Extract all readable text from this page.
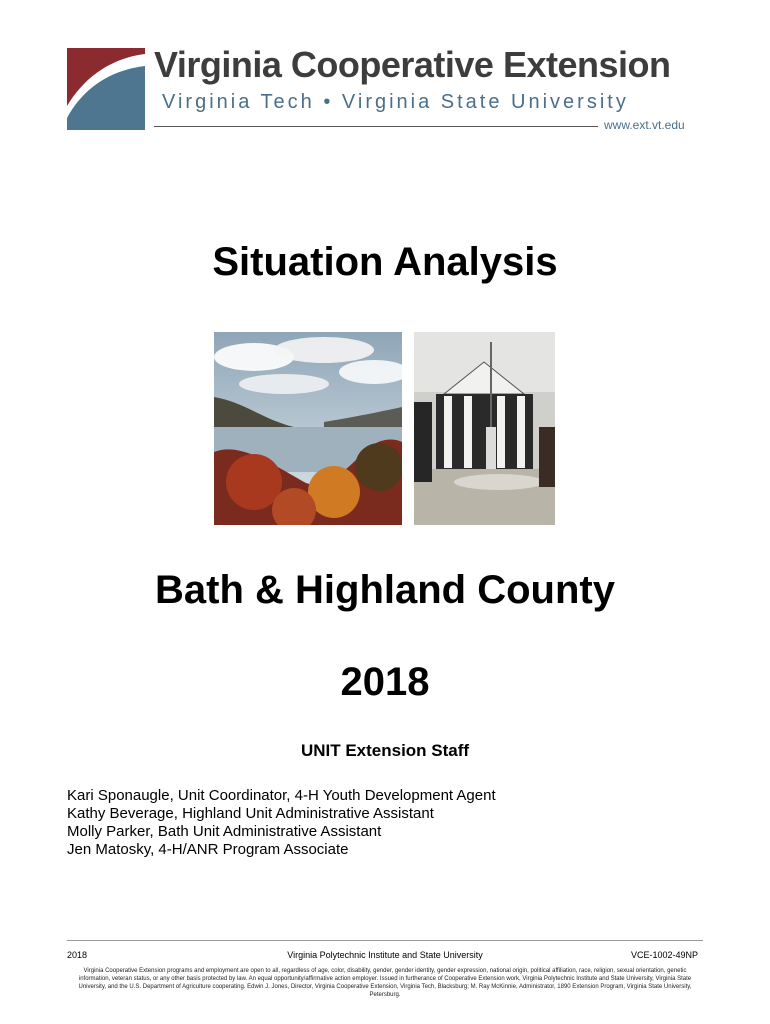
Virginia Cooperative Extension
Virginia Tech • Virginia State University
www.ext.vt.edu
Situation Analysis
Bath & Highland County
2018
UNIT Extension Staff
Kari Sponaugle, Unit Coordinator, 4-H Youth Development Agent
Kathy Beverage, Highland Unit Administrative Assistant
Molly Parker, Bath Unit Administrative Assistant
Jen Matosky, 4-H/ANR Program Associate
2018	Virginia Polytechnic Institute and State University	VCE-1002-49NP
Virginia Cooperative Extension programs and employment are open to all, regardless of age, color, disability, gender, gender identity, gender expression, national origin, political affiliation, race, religion, sexual orientation, genetic information, veteran status, or any other basis protected by law. An equal opportunity/affirmative action employer. Issued in furtherance of Cooperative Extension work, Virginia Polytechnic Institute and State University, Virginia State University, and the U.S. Department of Agriculture cooperating. Edwin J. Jones, Director, Virginia Cooperative Extension, Virginia Tech, Blacksburg; M. Ray McKinnie, Administrator, 1890 Extension Program, Virginia State University, Petersburg.
